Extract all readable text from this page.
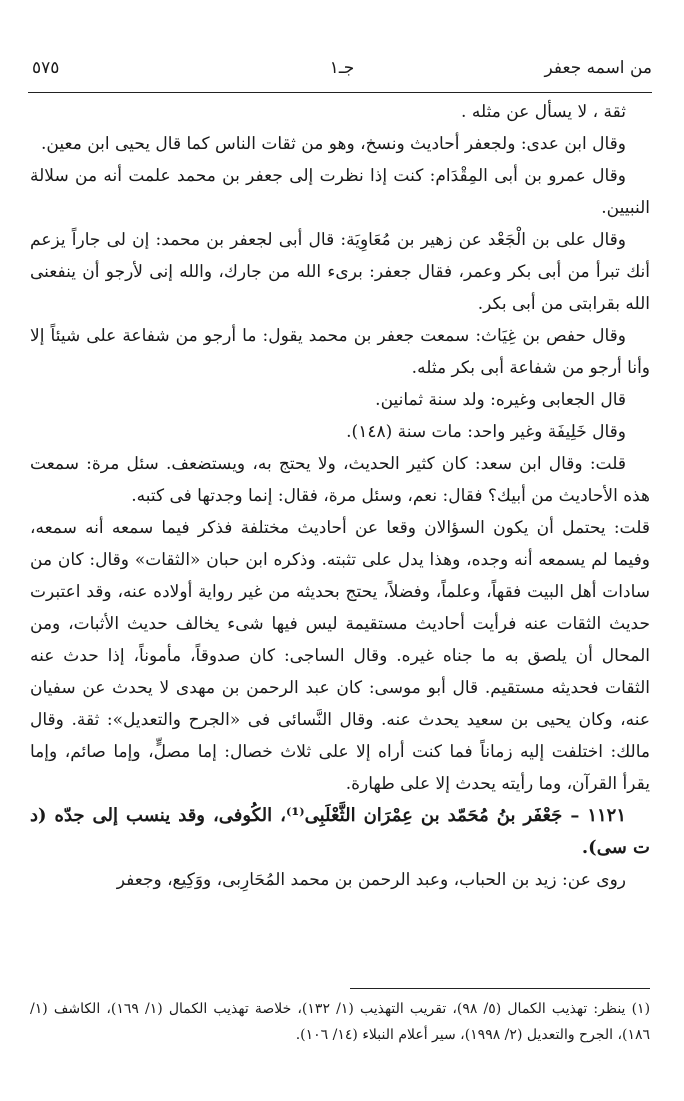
من اسمه جعفر
جـ۱
٥٧٥

ثقة ، لا يسأل عن مثله .

وقال ابن عدى: ولجعفر أحاديث ونسخ، وهو من ثقات الناس كما قال يحيى ابن معين.

وقال عمرو بن أبى المِقْدَام: كنت إذا نظرت إلى جعفر بن محمد علمت أنه من سلالة النبيين.

وقال على بن الْجَعْد عن زهير بن مُعَاوِيَة: قال أبى لجعفر بن محمد: إن لى جاراً يزعم أنك تبرأ من أبى بكر وعمر، فقال جعفر: برىء الله من جارك، والله إنى لأرجو أن ينفعنى الله بقرابتى من أبى بكر.

وقال حفص بن غِيَاث: سمعت جعفر بن محمد يقول: ما أرجو من شفاعة على شيئاً إلا وأنا أرجو من شفاعة أبى بكر مثله.

قال الجعابى وغيره: ولد سنة ثمانين.

وقال خَلِيفَة وغير واحد: مات سنة (١٤٨).

قلت: وقال ابن سعد: كان كثير الحديث، ولا يحتج به، ويستضعف. سئل مرة: سمعت هذه الأحاديث من أبيك؟ فقال: نعم، وسئل مرة، فقال: إنما وجدتها فى كتبه.

قلت: يحتمل أن يكون السؤالان وقعا عن أحاديث مختلفة فذكر فيما سمعه أنه سمعه، وفيما لم يسمعه أنه وجده، وهذا يدل على تثبته. وذكره ابن حبان «الثقات» وقال: كان من سادات أهل البيت فقهاً، وعلماً، وفضلاً، يحتج بحديثه من غير رواية أولاده عنه، وقد اعتبرت حديث الثقات عنه فرأيت أحاديث مستقيمة ليس فيها شىء يخالف حديث الأثبات، ومن المحال أن يلصق به ما جناه غيره. وقال الساجى: كان صدوقاً، مأموناً، إذا حدث عنه الثقات فحديثه مستقيم. قال أبو موسى: كان عبد الرحمن بن مهدى لا يحدث عن سفيان عنه، وكان يحيى بن سعيد يحدث عنه. وقال النَّسائى فى «الجرح والتعديل»: ثقة. وقال مالك: اختلفت إليه زماناً فما كنت أراه إلا على ثلاث خصال: إما مصلٍّ، وإما صائم، وإما يقرأ القرآن، وما رأيته يحدث إلا على طهارة.

١١٢١ – جَعْفَر بنُ مُحَمّد بن عِمْرَان الثَّعْلَبِى⁽¹⁾، الكُوفى، وقد ينسب إلى جدّه (د ت سى).

روى عن: زيد بن الحباب، وعبد الرحمن بن محمد المُحَارِبى، ووَكِيع، وجعفر

(١) ينظر: تهذيب الكمال (٥/ ٩٨)، تقريب التهذيب (١/ ١٣٢)، خلاصة تهذيب الكمال (١/ ١٦٩)، الكاشف (١/ ١٨٦)، الجرح والتعديل (٢/ ١٩٩٨)، سير أعلام النبلاء (١٤/ ١٠٦).
